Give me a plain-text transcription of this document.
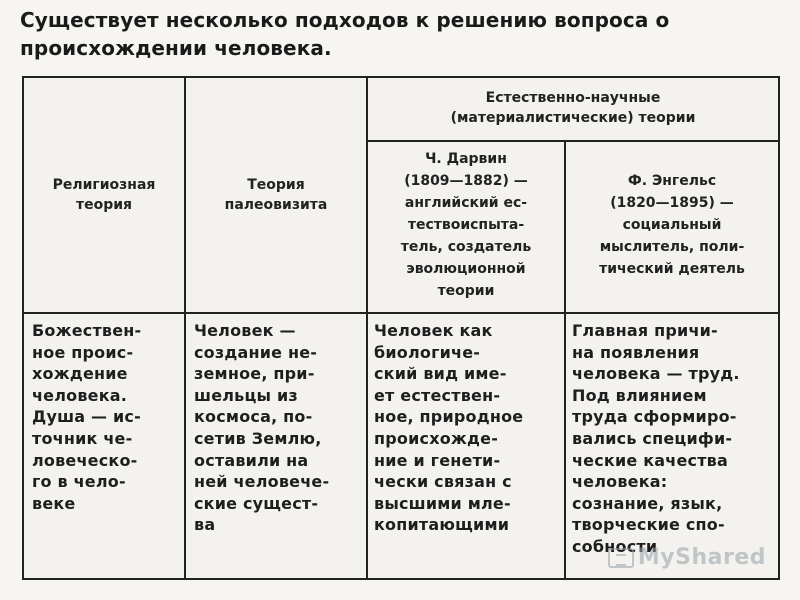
Существует несколько подходов к решению вопроса о
происхождении человека.
Естественно-научные
(материалистические) теории
Религиозная
теория
Теория
палеовизита
Ч. Дарвин
(1809—1882) —
английский ес-
тествоиспыта-
тель, создатель
эволюционной
теории
Ф. Энгельс
(1820—1895) —
социальный
мыслитель, поли-
тический деятель
Божествен-
ное проис-
хождение
человека.
Душа — ис-
точник че-
ловеческо-
го в чело-
веке
Человек —
создание не-
земное, при-
шельцы из
космоса, по-
сетив Землю,
оставили на
ней человече-
ские сущест-
ва
Человек как
биологиче-
ский вид име-
ет естествен-
ное, природное
происхожде-
ние и генети-
чески связан с
высшими мле-
копитающими
Главная причи-
на появления
человека — труд.
Под влиянием
труда сформиро-
вались специфи-
ческие качества
человека:
сознание, язык,
творческие спо-
собности
MyShared
